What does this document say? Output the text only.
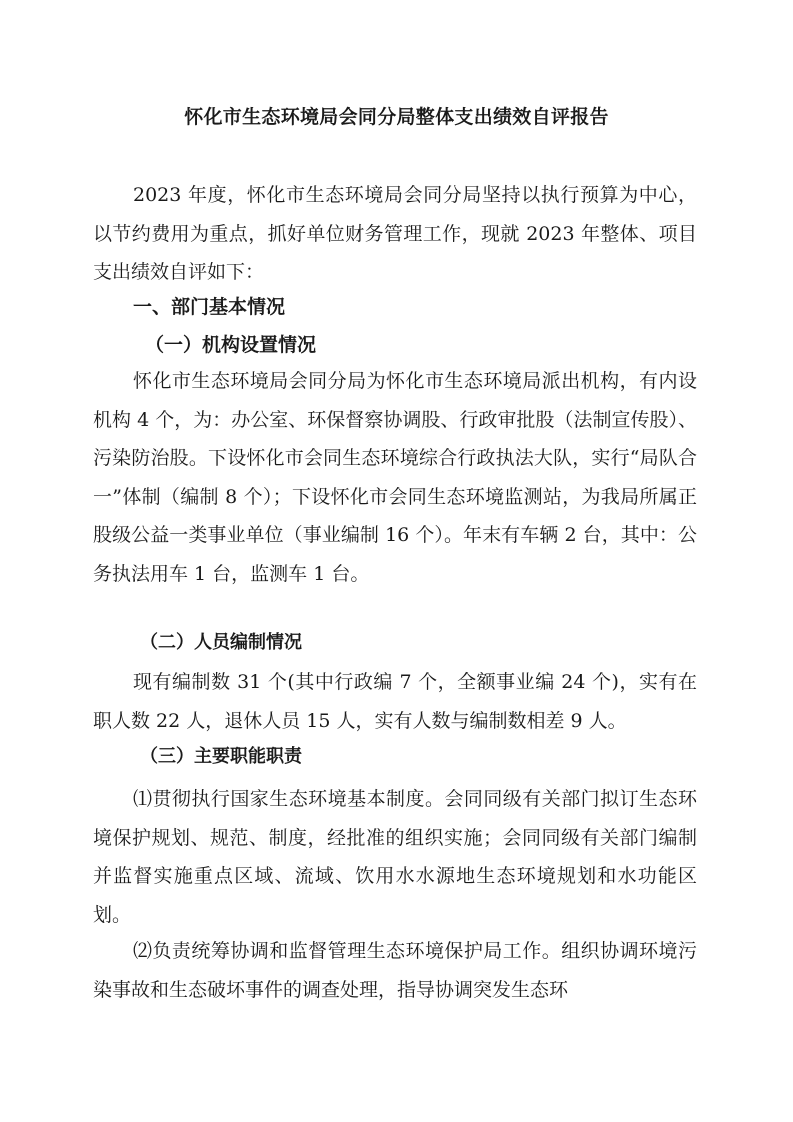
怀化市生态环境局会同分局整体支出绩效自评报告

2023 年度，怀化市生态环境局会同分局坚持以执行预算为中心，以节约费用为重点，抓好单位财务管理工作，现就 2023 年整体、项目支出绩效自评如下：

一、部门基本情况
（一）机构设置情况

怀化市生态环境局会同分局为怀化市生态环境局派出机构，有内设机构 4 个，为：办公室、环保督察协调股、行政审批股（法制宣传股）、污染防治股。下设怀化市会同生态环境综合行政执法大队，实行“局队合一”体制（编制 8 个）；下设怀化市会同生态环境监测站，为我局所属正股级公益一类事业单位（事业编制 16 个）。年末有车辆 2 台，其中：公务执法用车 1 台，监测车 1 台。

（二）人员编制情况

现有编制数 31 个(其中行政编 7 个，全额事业编 24 个)，实有在职人数 22 人，退休人员 15 人，实有人数与编制数相差 9 人。

（三）主要职能职责

⑴贯彻执行国家生态环境基本制度。会同同级有关部门拟订生态环境保护规划、规范、制度，经批准的组织实施；会同同级有关部门编制并监督实施重点区域、流域、饮用水水源地生态环境规划和水功能区划。

⑵负责统筹协调和监督管理生态环境保护局工作。组织协调环境污染事故和生态破坏事件的调查处理，指导协调突发生态环
